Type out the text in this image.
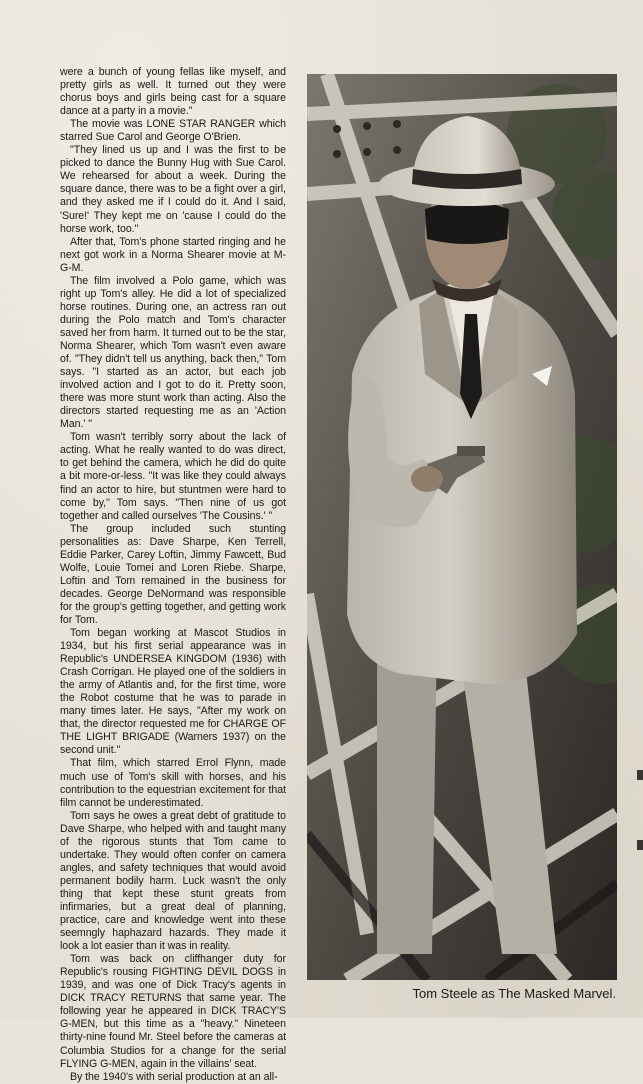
were a bunch of young fellas like myself, and pretty girls as well. It turned out they were chorus boys and girls being cast for a square dance at a party in a movie."

The movie was LONE STAR RANGER which starred Sue Carol and George O'Brien.

"They lined us up and I was the first to be picked to dance the Bunny Hug with Sue Carol. We rehearsed for about a week. During the square dance, there was to be a fight over a girl, and they asked me if I could do it. And I said, 'Sure!' They kept me on 'cause I could do the horse work, too."

After that, Tom's phone started ringing and he next got work in a Norma Shearer movie at M-G-M.

The film involved a Polo game, which was right up Tom's alley. He did a lot of specialized horse routines. During one, an actress ran out during the Polo match and Tom's character saved her from harm. It turned out to be the star, Norma Shearer, which Tom wasn't even aware of. "They didn't tell us anything, back then," Tom says. "I started as an actor, but each job involved action and I got to do it. Pretty soon, there was more stunt work than acting. Also the directors started requesting me as an 'Action Man.' "

Tom wasn't terribly sorry about the lack of acting. What he really wanted to do was direct, to get behind the camera, which he did do quite a bit more-or-less. "It was like they could always find an actor to hire, but stuntmen were hard to come by," Tom says. "Then nine of us got together and called ourselves 'The Cousins.' "

The group included such stunting personalities as: Dave Sharpe, Ken Terrell, Eddie Parker, Carey Loftin, Jimmy Fawcett, Bud Wolfe, Louie Tomei and Loren Riebe. Sharpe, Loftin and Tom remained in the business for decades. George DeNormand was responsible for the group's getting together, and getting work for Tom.

Tom began working at Mascot Studios in 1934, but his first serial appearance was in Republic's UNDERSEA KINGDOM (1936) with Crash Corrigan. He played one of the soldiers in the army of Atlantis and, for the first time, wore the Robot costume that he was to parade in many times later. He says, "After my work on that, the director requested me for CHARGE OF THE LIGHT BRIGADE (Warners 1937) on the second unit."

That film, which starred Errol Flynn, made much use of Tom's skill with horses, and his contribution to the equestrian excitement for that film cannot be underestimated.

Tom says he owes a great debt of gratitude to Dave Sharpe, who helped with and taught many of the rigorous stunts that Tom came to undertake. They would often confer on camera angles, and safety techniques that would avoid permanent bodily harm. Luck wasn't the only thing that kept these stunt greats from infirmaries, but a great deal of planning, practice, care and knowledge went into these seemngly haphazard hazards. They made it look a lot easier than it was in reality.

Tom was back on cliffhanger duty for Republic's rousing FIGHTING DEVIL DOGS in 1939, and was one of Dick Tracy's agents in DICK TRACY RETURNS that same year. The following year he appeared in DICK TRACY'S G-MEN, but this time as a "heavy." Nineteen thirty-nine found Mr. Steel before the cameras at Columbia Studios for a change for the serial FLYING G-MEN, again in the villains' seat.

By the 1940's with serial production at an all-

Tom Steele as The Masked Marvel.
